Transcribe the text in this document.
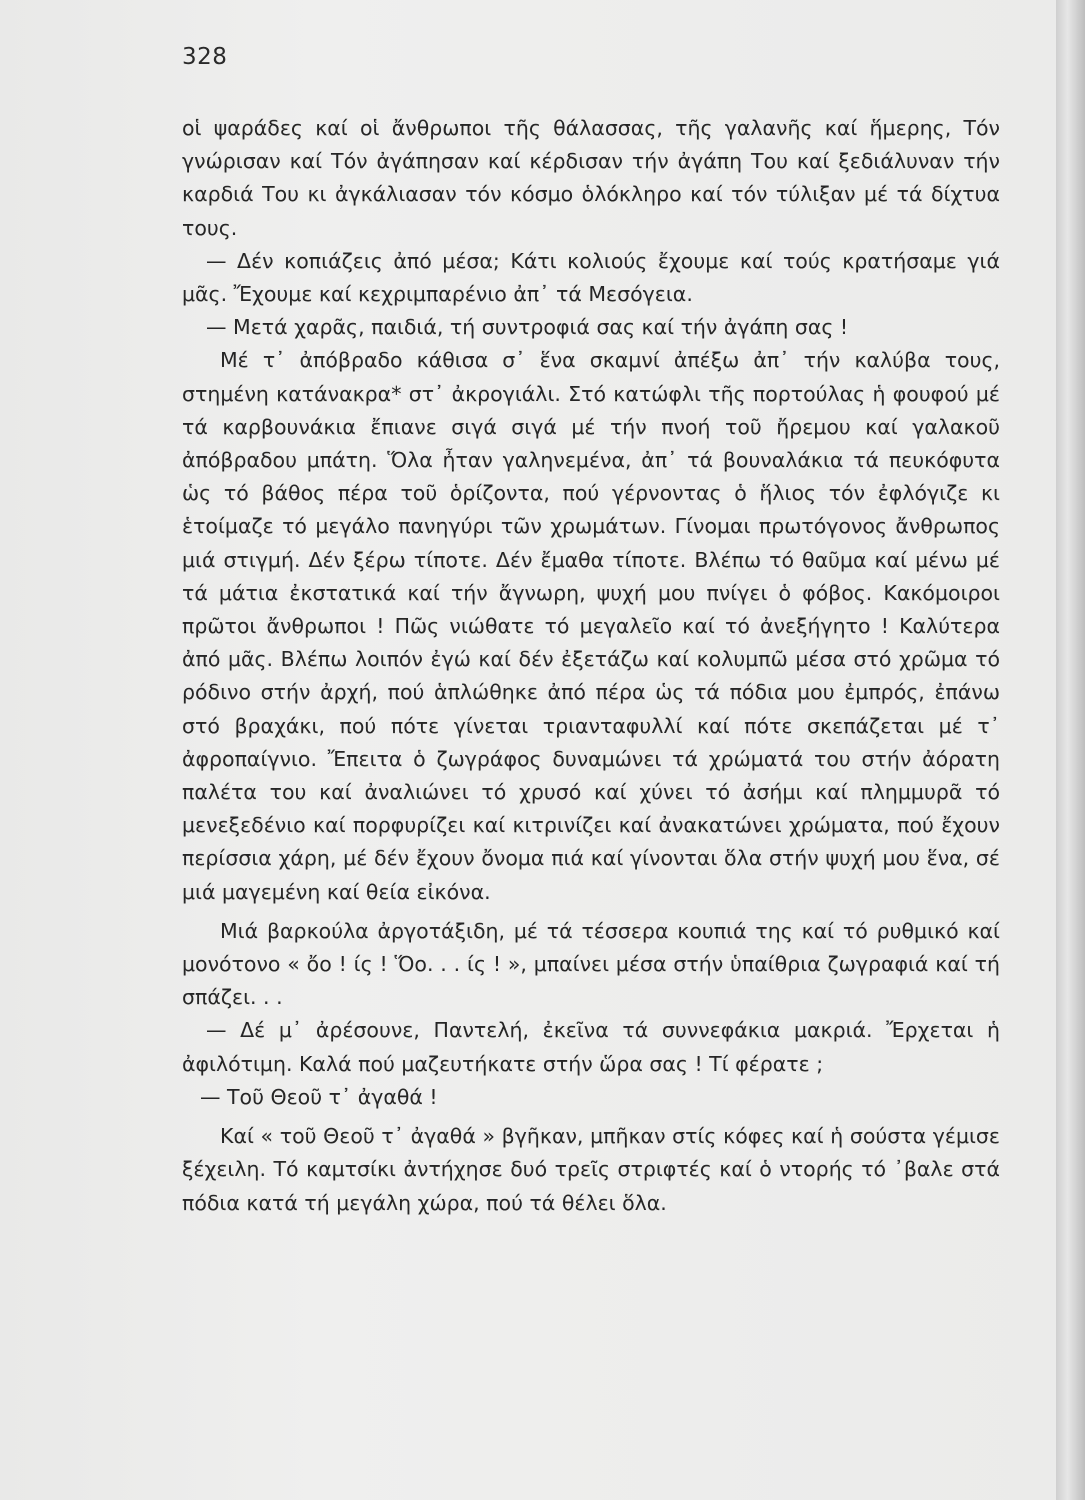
328

οἱ ψαράδες καί οἱ ἄνθρωποι τῆς θάλασσας, τῆς γαλανῆς καί ἥμερης, Τόν γνώρισαν καί Τόν ἀγάπησαν καί κέρδισαν τήν ἀγάπη Του καί ξεδιάλυναν τήν καρδιά Του κι ἀγκάλιασαν τόν κόσμο ὁλόκληρο καί τόν τύλιξαν μέ τά δίχτυα τους.

— Δέν κοπιάζεις ἀπό μέσα; Κάτι κολιούς ἔχουμε καί τούς κρατήσαμε γιά μᾶς. Ἔχουμε καί κεχριμπαρένιο ἀπ᾿ τά Μεσόγεια.

— Μετά χαρᾶς, παιδιά, τή συντροφιά σας καί τήν ἀγάπη σας !

Μέ τ᾿ ἀπόβραδο κάθισα σ᾿ ἕνα σκαμνί ἀπέξω ἀπ᾿ τήν καλύβα τους, στημένη κατάνακρα* στ᾿ ἀκρογιάλι. Στό κατώφλι τῆς πορτούλας ἡ φουφού μέ τά καρβουνάκια ἔπιανε σιγά σιγά μέ τήν πνοή τοῦ ἤρεμου καί γαλακοῦ ἀπόβραδου μπάτη. Ὅλα ἦταν γαληνεμένα, ἀπ᾿ τά βουναλάκια τά πευκόφυτα ὡς τό βάθος πέρα τοῦ ὁρίζοντα, πού γέρνοντας ὁ ἥλιος τόν ἐφλόγιζε κι ἑτοίμαζε τό μεγάλο πανηγύρι τῶν χρωμάτων. Γίνομαι πρωτόγονος ἄνθρωπος μιά στιγμή. Δέν ξέρω τίποτε. Δέν ἔμαθα τίποτε. Βλέπω τό θαῦμα καί μένω μέ τά μάτια ἐκστατικά καί τήν ἄγνωρη, ψυχή μου πνίγει ὁ φόβος. Κακόμοιροι πρῶτοι ἄνθρωποι ! Πῶς νιώθατε τό μεγαλεῖο καί τό ἀνεξήγητο ! Καλύτερα ἀπό μᾶς. Βλέπω λοιπόν ἐγώ καί δέν ἐξετάζω καί κολυμπῶ μέσα στό χρῶμα τό ρόδινο στήν ἀρχή, πού ἁπλώθηκε ἀπό πέρα ὡς τά πόδια μου ἐμπρός, ἐπάνω στό βραχάκι, πού πότε γίνεται τριανταφυλλί καί πότε σκεπάζεται μέ τ᾿ ἀφροπαίγνιο. Ἔπειτα ὁ ζωγράφος δυναμώνει τά χρώματά του στήν ἀόρατη παλέτα του καί ἀναλιώνει τό χρυσό καί χύνει τό ἀσήμι καί πλημμυρᾶ τό μενεξεδένιο καί πορφυρίζει καί κιτρινίζει καί ἀνακατώνει χρώματα, πού ἔχουν περίσσια χάρη, μέ δέν ἔχουν ὄνομα πιά καί γίνονται ὅλα στήν ψυχή μου ἕνα, σέ μιά μαγεμένη καί θεία εἰκόνα.

Μιά βαρκούλα ἀργοτάξιδη, μέ τά τέσσερα κουπιά της καί τό ρυθμικό καί μονότονο « ὄο ! ίς ! Ὅο. . . ίς ! », μπαίνει μέσα στήν ὑπαίθρια ζωγραφιά καί τή σπάζει. . .

— Δέ μ᾿ ἀρέσουνε, Παντελή, ἐκεῖνα τά συννεφάκια μακριά. Ἔρχεται ἡ ἀφιλότιμη. Καλά πού μαζευτήκατε στήν ὥρα σας ! Τί φέρατε ;

— Τοῦ Θεοῦ τ᾿ ἀγαθά !

Καί « τοῦ Θεοῦ τ᾿ ἀγαθά » βγῆκαν, μπῆκαν στίς κόφες καί ἡ σούστα γέμισε ξέχειλη. Τό καμτσίκι ἀντήχησε δυό τρεῖς στριφτές καί ὁ ντορής τό ᾽βαλε στά πόδια κατά τή μεγάλη χώρα, πού τά θέλει ὅλα.
